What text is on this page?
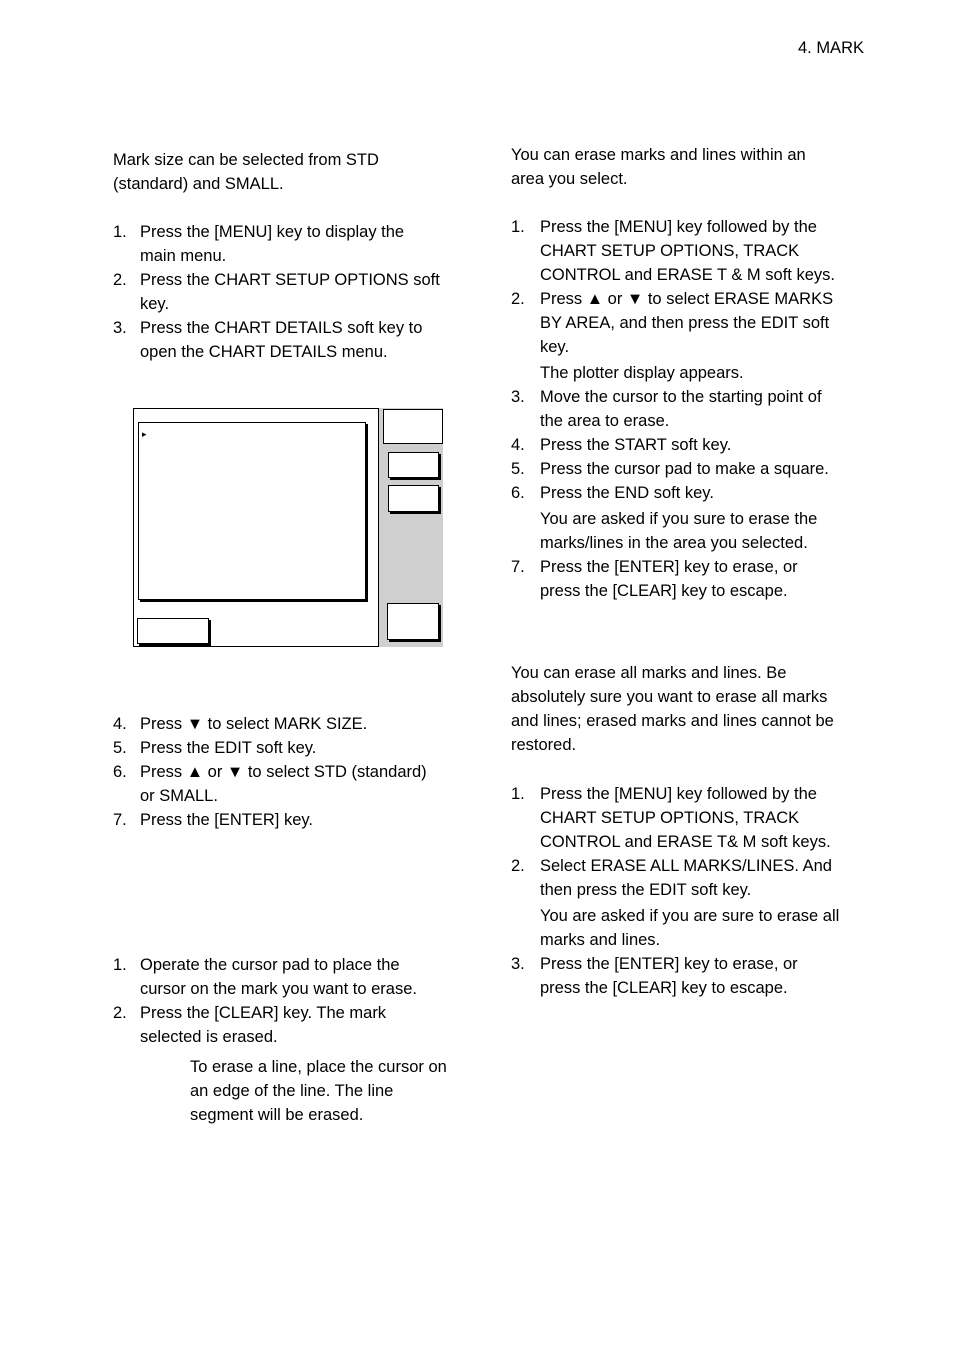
4. MARK

Mark size can be selected from STD

(standard) and SMALL.

1. Press the [MENU] key to display the
main menu.
2. Press the CHART SETUP OPTIONS soft
key.
3. Press the CHART DETAILS soft key to
open the CHART DETAILS menu.
▸
4. Press ▼ to select MARK SIZE.
5. Press the EDIT soft key.
6. Press ▲ or ▼ to select STD (standard)
or SMALL.
7. Press the [ENTER] key.
1. Operate the cursor pad to place the
cursor on the mark you want to erase.
2. Press the [CLEAR] key. The mark
selected is erased.

To erase a line, place the cursor on

an edge of the line. The line

segment will be erased.

You can erase marks and lines within an

area you select.

1. Press the [MENU] key followed by the
CHART SETUP OPTIONS, TRACK
CONTROL and ERASE T & M soft keys.
2. Press ▲ or ▼ to select ERASE MARKS
BY AREA, and then press the EDIT soft
key.
The plotter display appears.
3. Move the cursor to the starting point of
the area to erase.
4. Press the START soft key.
5. Press the cursor pad to make a square.
6. Press the END soft key.
You are asked if you sure to erase the
marks/lines in the area you selected.
7. Press the [ENTER] key to erase, or
press the [CLEAR] key to escape.

You can erase all marks and lines. Be

absolutely sure you want to erase all marks

and lines; erased marks and lines cannot be

restored.

1. Press the [MENU] key followed by the
CHART SETUP OPTIONS, TRACK
CONTROL and ERASE T& M soft keys.
2. Select ERASE ALL MARKS/LINES. And
then press the EDIT soft key.
You are asked if you are sure to erase all
marks and lines.
3. Press the [ENTER] key to erase, or
press the [CLEAR] key to escape.
